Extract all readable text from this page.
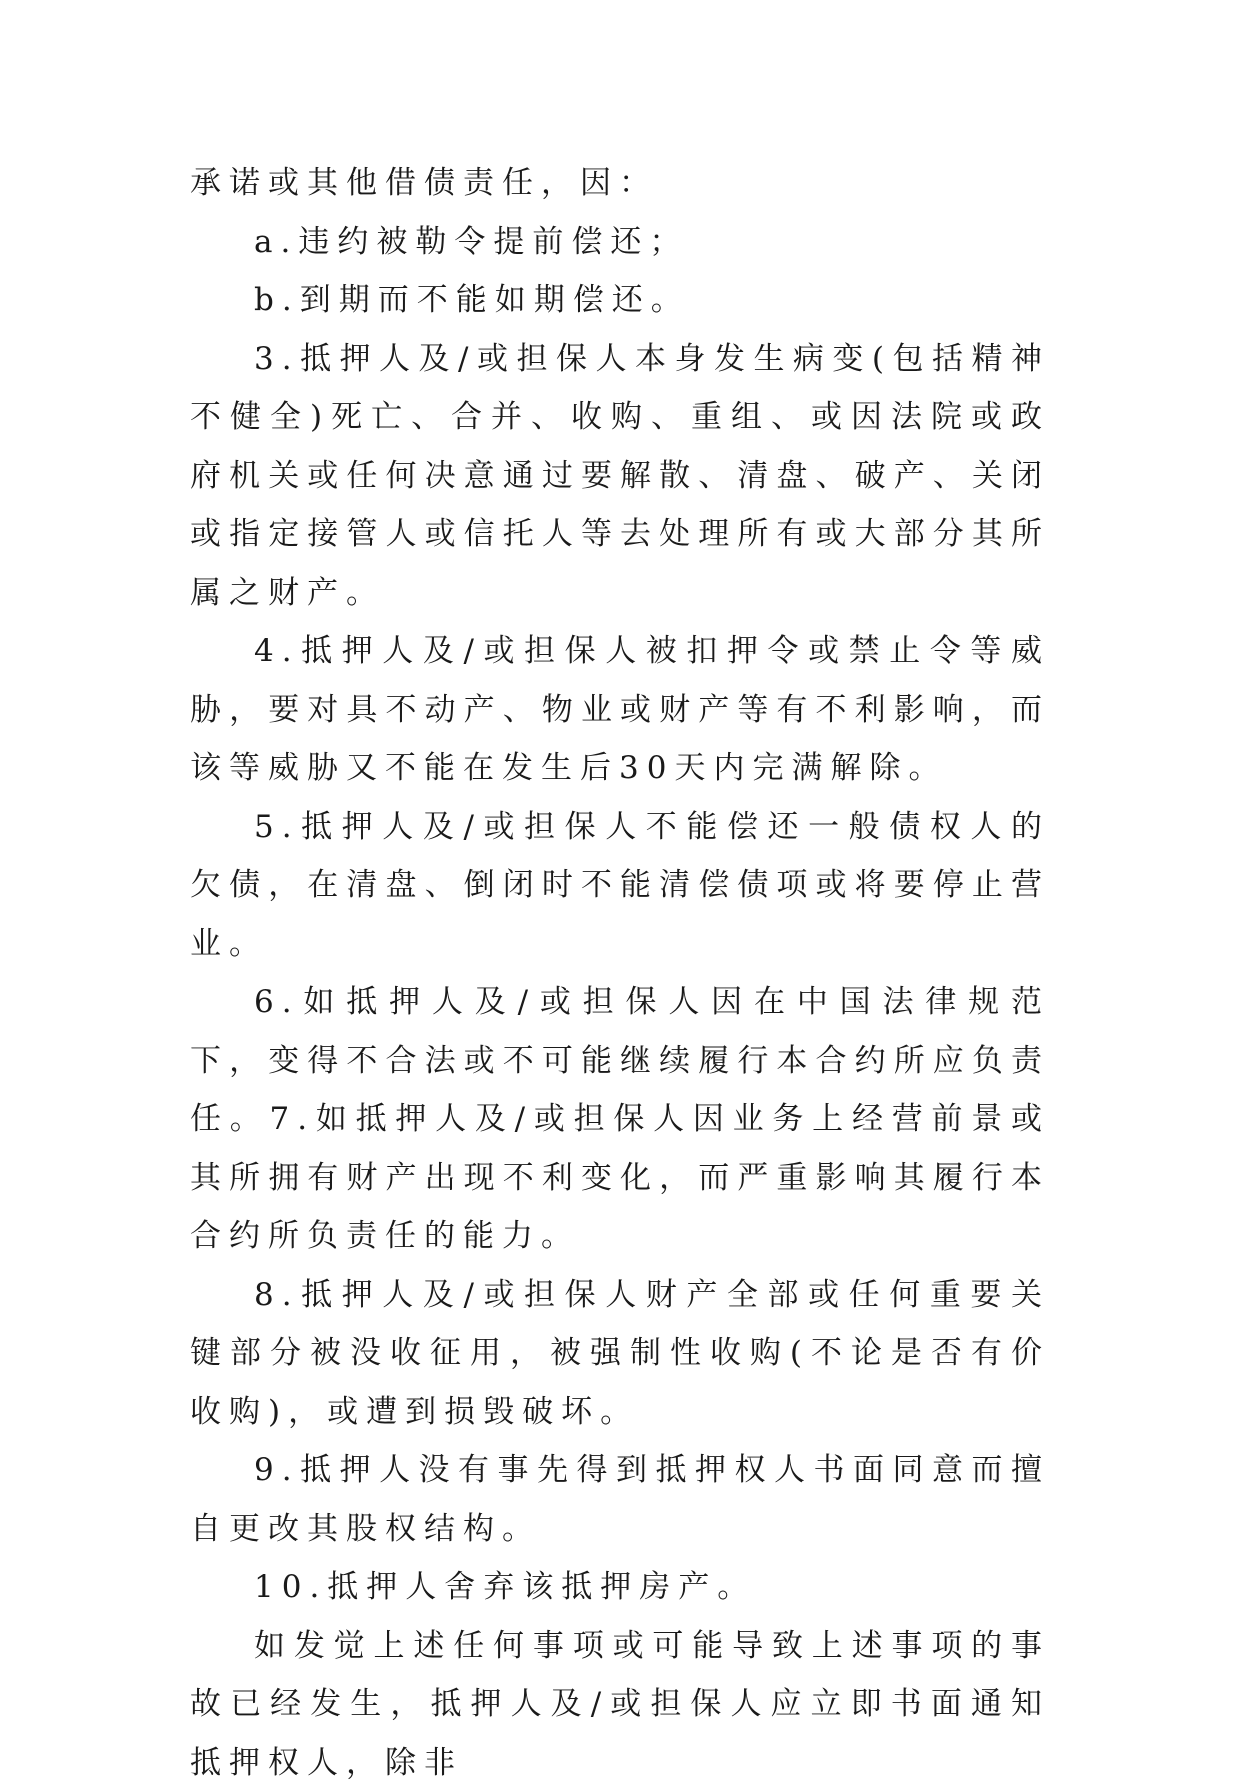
承诺或其他借债责任，因：

a.违约被勒令提前偿还；

b.到期而不能如期偿还。

3.抵押人及/或担保人本身发生病变(包括精神不健全)死亡、合并、收购、重组、或因法院或政府机关或任何决意通过要解散、清盘、破产、关闭或指定接管人或信托人等去处理所有或大部分其所属之财产。

4.抵押人及/或担保人被扣押令或禁止令等威胁，要对具不动产、物业或财产等有不利影响，而该等威胁又不能在发生后30天内完满解除。

5.抵押人及/或担保人不能偿还一般债权人的欠债，在清盘、倒闭时不能清偿债项或将要停止营业。

6.如抵押人及/或担保人因在中国法律规范下，变得不合法或不可能继续履行本合约所应负责任。7.如抵押人及/或担保人因业务上经营前景或其所拥有财产出现不利变化，而严重影响其履行本合约所负责任的能力。

8.抵押人及/或担保人财产全部或任何重要关键部分被没收征用，被强制性收购(不论是否有价收购)，或遭到损毁破坏。

9.抵押人没有事先得到抵押权人书面同意而擅自更改其股权结构。

10.抵押人舍弃该抵押房产。

如发觉上述任何事项或可能导致上述事项的事故已经发生，抵押人及/或担保人应立即书面通知抵押权人，除非
